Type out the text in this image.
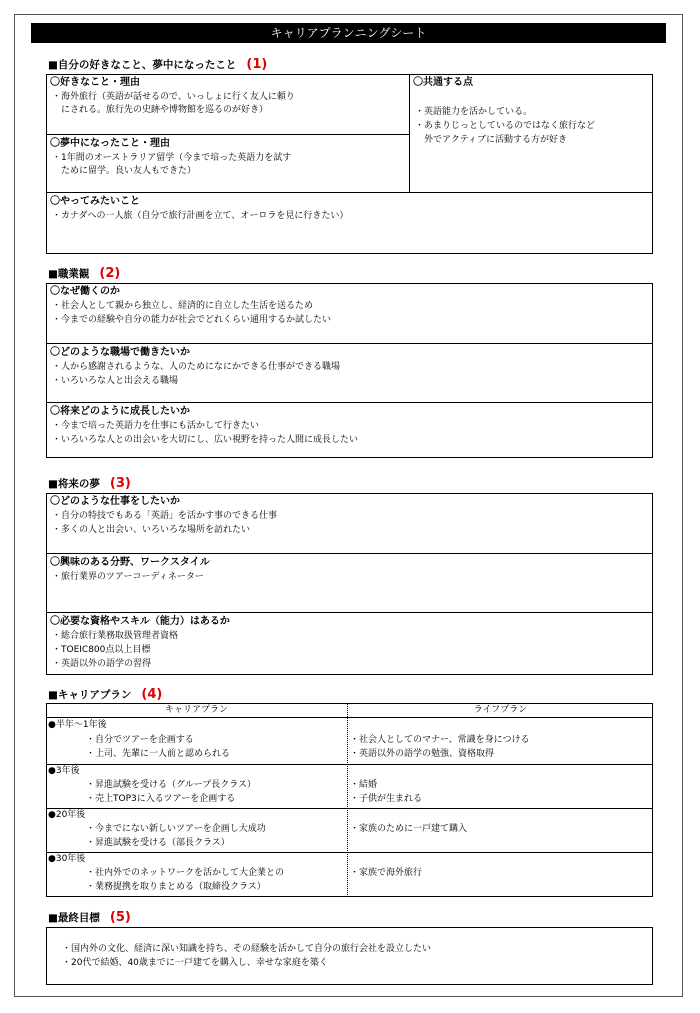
キャリアプランニングシート
■自分の好きなこと、夢中になったこと (1)
〇好きなこと・理由
・海外旅行（英語が話せるので、いっしょに行く友人に頼り
　にされる。旅行先の史跡や博物館を巡るのが好き）
〇夢中になったこと・理由
・1年間のオーストラリア留学（今まで培った英語力を試す
　ために留学。良い友人もできた）
〇共通する点
・英語能力を活かしている。
・あまりじっとしているのではなく旅行など
　外でアクティブに活動する方が好き
〇やってみたいこと
・カナダへの一人旅（自分で旅行計画を立て、オーロラを見に行きたい）
■職業観 (2)
〇なぜ働くのか
・社会人として親から独立し、経済的に自立した生活を送るため
・今までの経験や自分の能力が社会でどれくらい通用するか試したい
〇どのような職場で働きたいか
・人から感謝されるような、人のためになにかできる仕事ができる職場
・いろいろな人と出会える職場
〇将来どのように成長したいか
・今まで培った英語力を仕事にも活かして行きたい
・いろいろな人との出会いを大切にし、広い視野を持った人間に成長したい
■将来の夢 (3)
〇どのような仕事をしたいか
・自分の特技でもある「英語」を活かす事のできる仕事
・多くの人と出会い、いろいろな場所を訪れたい
〇興味のある分野、ワークスタイル
・旅行業界のツアーコーディネーター
〇必要な資格やスキル（能力）はあるか
・総合旅行業務取扱管理者資格
・TOEIC800点以上目標
・英語以外の語学の習得
■キャリアプラン (4)
キャリアプラン	ライフプラン
●半年～1年後
・自分でツアーを企画する
・上司、先輩に一人前と認められる
・社会人としてのマナー、常識を身につける
・英語以外の語学の勉強、資格取得
●3年後
・昇進試験を受ける（グループ長クラス）
・売上TOP3に入るツアーを企画する
・結婚
・子供が生まれる
●20年後
・今までにない新しいツアーを企画し大成功
・昇進試験を受ける（部長クラス）
・家族のために一戸建て購入
●30年後
・社内外でのネットワークを活かして大企業との
・業務提携を取りまとめる（取締役クラス）
・家族で海外旅行
■最終目標 (5)
・国内外の文化、経済に深い知識を持ち、その経験を活かして自分の旅行会社を設立したい
・20代で結婚、40歳までに一戸建てを購入し、幸せな家庭を築く
